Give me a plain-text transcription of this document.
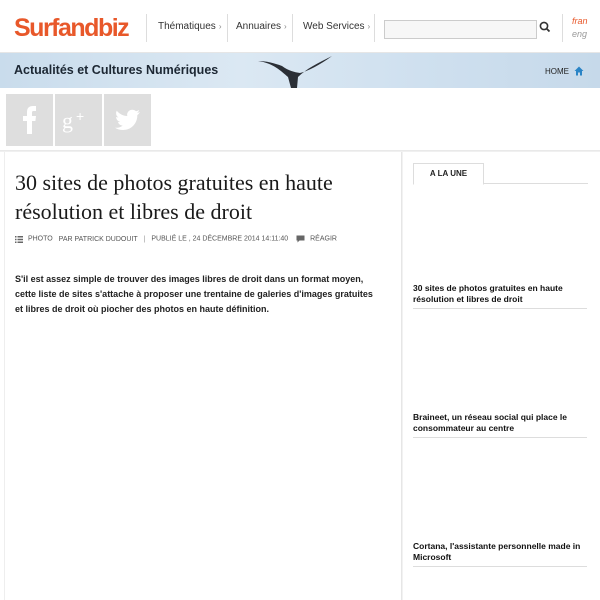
Surfandbiz	Thématiques › Annuaires › Web Services ›
fran
eng
Actualités et Cultures Numériques	HOME
g +
30 sites de photos gratuites en haute résolution et libres de droit
PHOTO PAR PATRICK DUDOUIT | PUBLIÉ LE , 24 DÉCEMBRE 2014 14:11:40	RÉAGIR

S'il est assez simple de trouver des images libres de droit dans un format moyen, cette liste de sites s'attache à proposer une trentaine de galeries d'images gratuites et libres de droit où piocher des photos en haute définition.

A LA UNE
30 sites de photos gratuites en haute résolution et libres de droit
Braineet, un réseau social qui place le consommateur au centre
Cortana, l'assistante personnelle made in Microsoft
